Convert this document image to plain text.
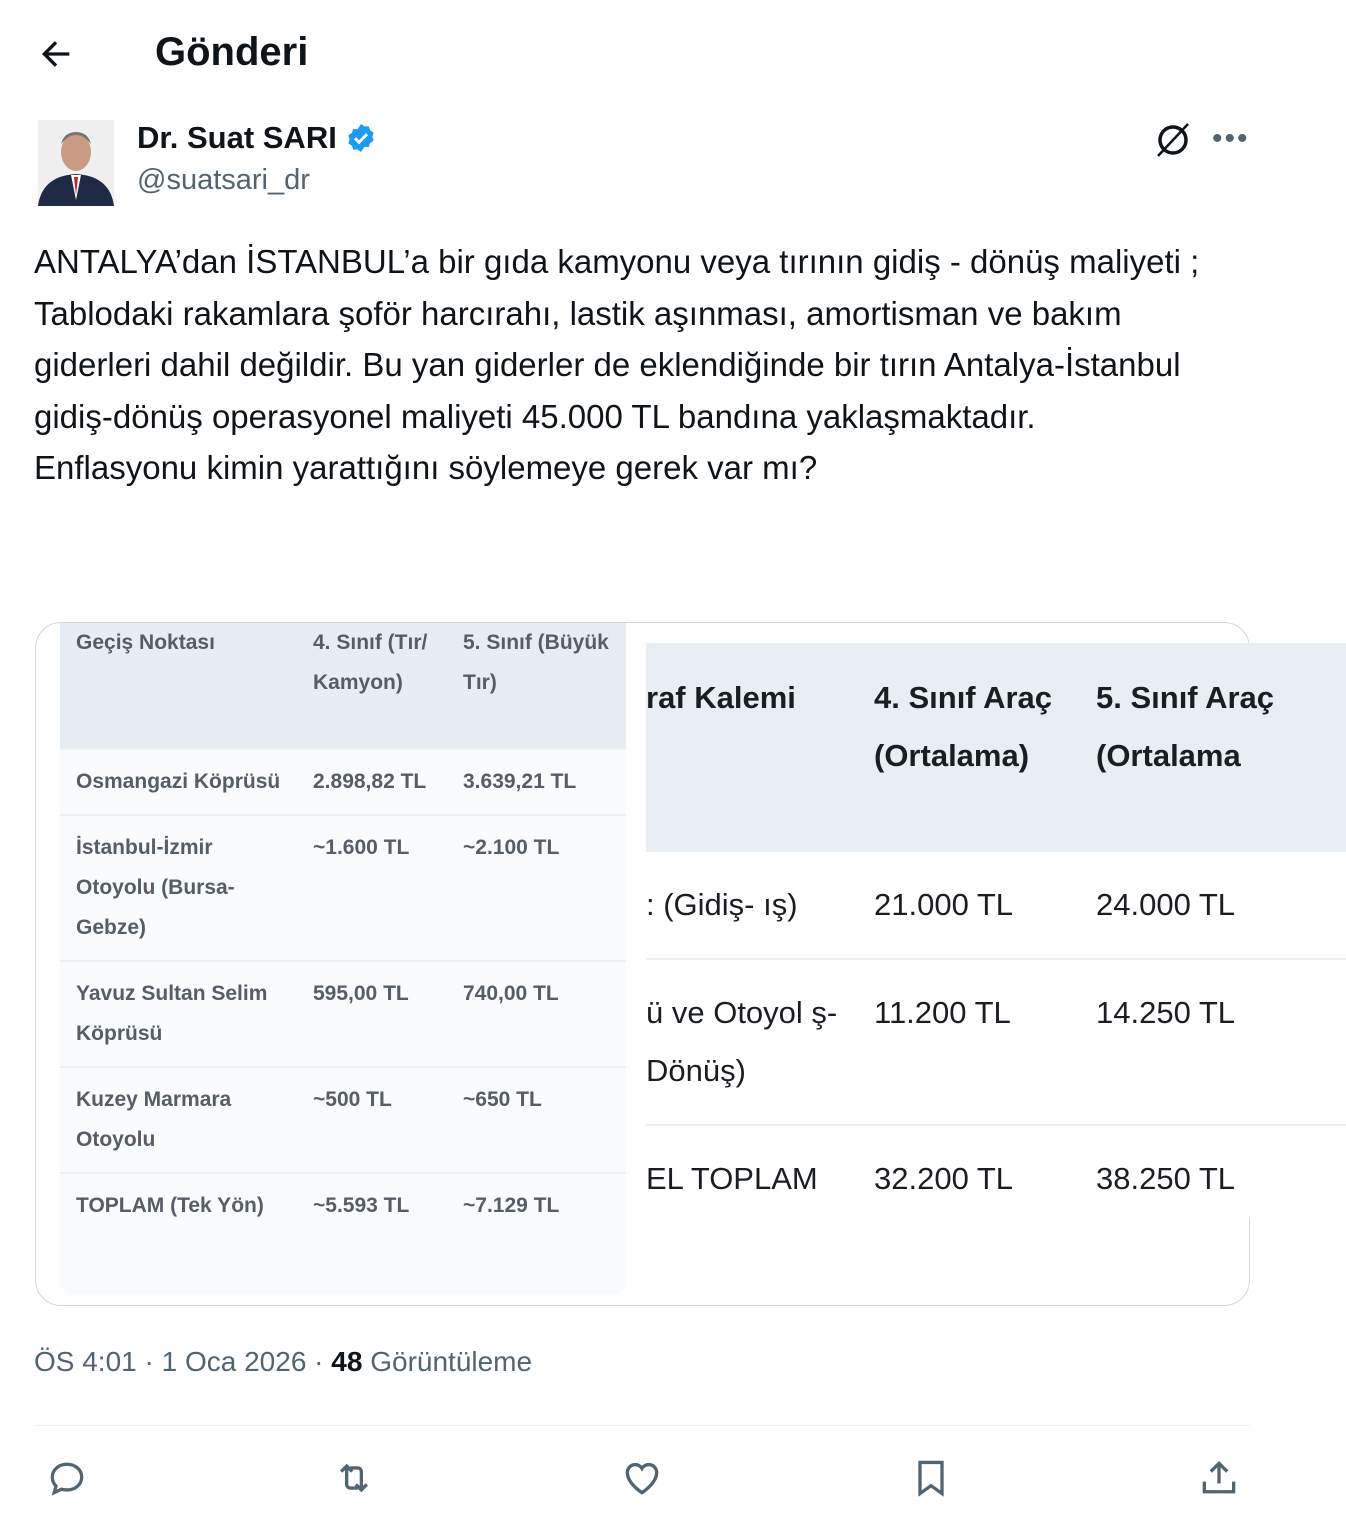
Gönderi
Dr. Suat SARI
@suatsari_dr
•••
ANTALYA’dan İSTANBUL’a bir gıda kamyonu veya tırının gidiş - dönüş maliyeti ;
Tablodaki rakamlara şoför harcırahı, lastik aşınması, amortisman ve bakım giderleri dahil değildir. Bu yan giderler de eklendiğinde bir tırın Antalya-İstanbul gidiş-dönüş operasyonel maliyeti 45.000 TL bandına yaklaşmaktadır.
Enflasyonu kimin yarattığını söylemeye gerek var mı?
Geçiş Noktası	4. Sınıf (Tır/ Kamyon)	5. Sınıf (Büyük Tır)
Osmangazi Köprüsü	2.898,82 TL	3.639,21 TL
İstanbul-İzmir Otoyolu (Bursa-Gebze)	~1.600 TL	~2.100 TL
Yavuz Sultan Selim Köprüsü	595,00 TL	740,00 TL
Kuzey Marmara Otoyolu	~500 TL	~650 TL
TOPLAM (Tek Yön)	~5.593 TL	~7.129 TL
raf Kalemi	4. Sınıf Araç (Ortalama)	5. Sınıf Araç (Ortalama
: (Gidiş- ış)	21.000 TL	24.000 TL
ü ve Otoyol ş-Dönüş)	11.200 TL	14.250 TL
EL TOPLAM	32.200 TL	38.250 TL
ÖS 4:01 · 1 Oca 2026 · 48 Görüntüleme
